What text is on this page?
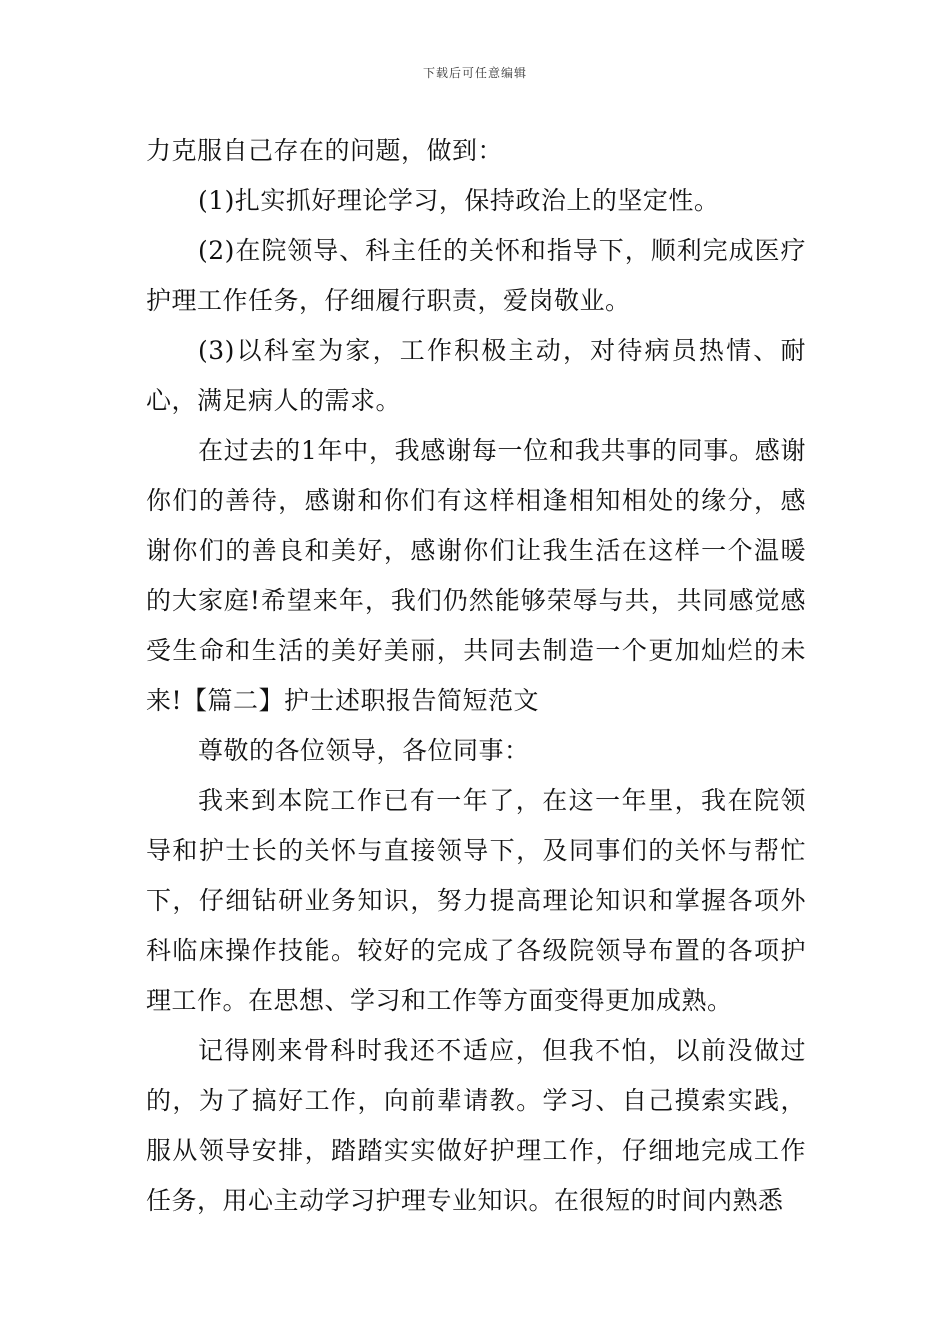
下载后可任意编辑

力克服自己存在的问题，做到：

(1)扎实抓好理论学习，保持政治上的坚定性。

(2)在院领导、科主任的关怀和指导下，顺利完成医疗护理工作任务，仔细履行职责，爱岗敬业。

(3)以科室为家，工作积极主动，对待病员热情、耐心，满足病人的需求。

在过去的1年中，我感谢每一位和我共事的同事。感谢你们的善待，感谢和你们有这样相逢相知相处的缘分，感谢你们的善良和美好，感谢你们让我生活在这样一个温暖的大家庭!希望来年，我们仍然能够荣辱与共，共同感觉感受生命和生活的美好美丽，共同去制造一个更加灿烂的未来!【篇二】护士述职报告简短范文

尊敬的各位领导，各位同事：

我来到本院工作已有一年了，在这一年里，我在院领导和护士长的关怀与直接领导下，及同事们的关怀与帮忙下，仔细钻研业务知识，努力提高理论知识和掌握各项外科临床操作技能。较好的完成了各级院领导布置的各项护理工作。在思想、学习和工作等方面变得更加成熟。

记得刚来骨科时我还不适应，但我不怕，以前没做过的，为了搞好工作，向前辈请教。学习、自己摸索实践，服从领导安排，踏踏实实做好护理工作，仔细地完成工作任务，用心主动学习护理专业知识。在很短的时间内熟悉
